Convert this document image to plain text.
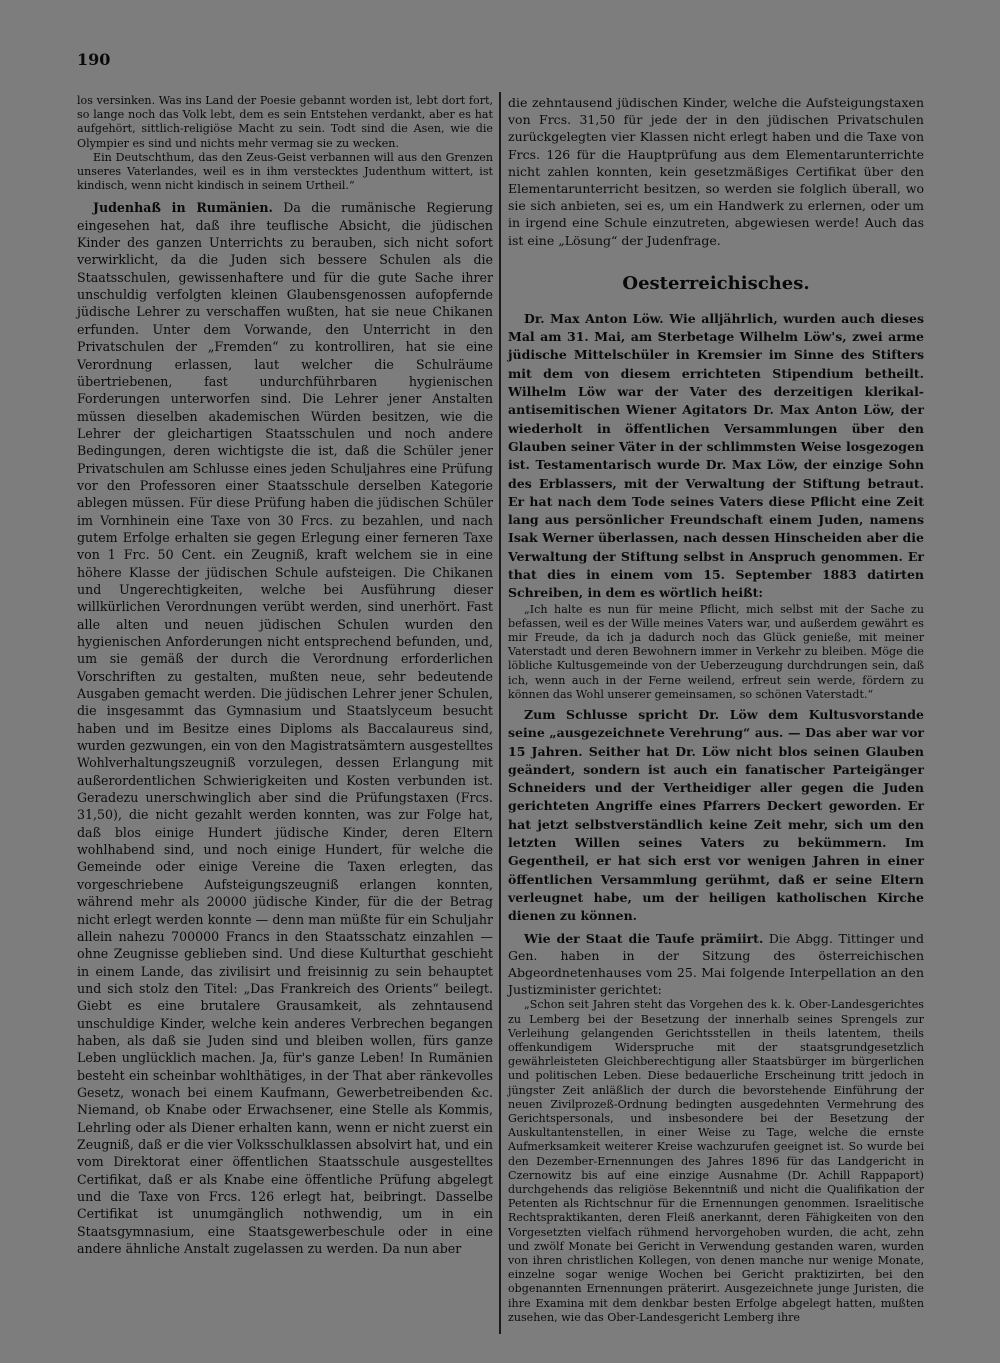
190

los versinken. Was ins Land der Poesie gebannt worden ist, lebt dort fort, so lange noch das Volk lebt, dem es sein Entstehen verdankt, aber es hat aufgehört, sittlich-religiöse Macht zu sein. Todt sind die Asen, wie die Olympier es sind und nichts mehr vermag sie zu wecken.

Ein Deutschthum, das den Zeus-Geist verbannen will aus den Grenzen unseres Vaterlandes, weil es in ihm verstecktes Judenthum wittert, ist kindisch, wenn nicht kindisch in seinem Urtheil.“

Judenhaß in Rumänien. Da die rumänische Regierung eingesehen hat, daß ihre teuflische Absicht, die jüdischen Kinder des ganzen Unterrichts zu berauben, sich nicht sofort verwirklicht, da die Juden sich bessere Schulen als die Staatsschulen, gewissenhaftere und für die gute Sache ihrer unschuldig verfolgten kleinen Glaubensgenossen aufopfernde jüdische Lehrer zu verschaffen wußten, hat sie neue Chikanen erfunden. Unter dem Vorwande, den Unterricht in den Privatschulen der „Fremden“ zu kontrolliren, hat sie eine Verordnung erlassen, laut welcher die Schulräume übertriebenen, fast undurchführbaren hygienischen Forderungen unterworfen sind. Die Lehrer jener Anstalten müssen dieselben akademischen Würden besitzen, wie die Lehrer der gleichartigen Staatsschulen und noch andere Bedingungen, deren wichtigste die ist, daß die Schüler jener Privatschulen am Schlusse eines jeden Schuljahres eine Prüfung vor den Professoren einer Staatsschule derselben Kategorie ablegen müssen. Für diese Prüfung haben die jüdischen Schüler im Vornhinein eine Taxe von 30 Frcs. zu bezahlen, und nach gutem Erfolge erhalten sie gegen Erlegung einer ferneren Taxe von 1 Frc. 50 Cent. ein Zeugniß, kraft welchem sie in eine höhere Klasse der jüdischen Schule aufsteigen. Die Chikanen und Ungerechtigkeiten, welche bei Ausführung dieser willkürlichen Verordnungen verübt werden, sind unerhört. Fast alle alten und neuen jüdischen Schulen wurden den hygienischen Anforderungen nicht entsprechend befunden, und, um sie gemäß der durch die Verordnung erforderlichen Vorschriften zu gestalten, mußten neue, sehr bedeutende Ausgaben gemacht werden. Die jüdischen Lehrer jener Schulen, die insgesammt das Gymnasium und Staatslyceum besucht haben und im Besitze eines Diploms als Baccalaureus sind, wurden gezwungen, ein von den Magistratsämtern ausgestelltes Wohlverhaltungszeugniß vorzulegen, dessen Erlangung mit außerordentlichen Schwierigkeiten und Kosten verbunden ist. Geradezu unerschwinglich aber sind die Prüfungstaxen (Frcs. 31,50), die nicht gezahlt werden konnten, was zur Folge hat, daß blos einige Hundert jüdische Kinder, deren Eltern wohlhabend sind, und noch einige Hundert, für welche die Gemeinde oder einige Vereine die Taxen erlegten, das vorgeschriebene Aufsteigungszeugniß erlangen konnten, während mehr als 20000 jüdische Kinder, für die der Betrag nicht erlegt werden konnte — denn man müßte für ein Schuljahr allein nahezu 700000 Francs in den Staatsschatz einzahlen — ohne Zeugnisse geblieben sind. Und diese Kulturthat geschieht in einem Lande, das zivilisirt und freisinnig zu sein behauptet und sich stolz den Titel: „Das Frankreich des Orients“ beilegt. Giebt es eine brutalere Grausamkeit, als zehntausend unschuldige Kinder, welche kein anderes Verbrechen begangen haben, als daß sie Juden sind und bleiben wollen, fürs ganze Leben unglücklich machen. Ja, für's ganze Leben! In Rumänien besteht ein scheinbar wohlthätiges, in der That aber ränkevolles Gesetz, wonach bei einem Kaufmann, Gewerbetreibenden &c. Niemand, ob Knabe oder Erwachsener, eine Stelle als Kommis, Lehrling oder als Diener erhalten kann, wenn er nicht zuerst ein Zeugniß, daß er die vier Volksschulklassen absolvirt hat, und ein vom Direktorat einer öffentlichen Staatsschule ausgestelltes Certifikat, daß er als Knabe eine öffentliche Prüfung abgelegt und die Taxe von Frcs. 126 erlegt hat, beibringt. Dasselbe Certifikat ist unumgänglich nothwendig, um in ein Staatsgymnasium, eine Staatsgewerbeschule oder in eine andere ähnliche Anstalt zugelassen zu werden. Da nun aber

die zehntausend jüdischen Kinder, welche die Aufsteigungstaxen von Frcs. 31,50 für jede der in den jüdischen Privatschulen zurückgelegten vier Klassen nicht erlegt haben und die Taxe von Frcs. 126 für die Hauptprüfung aus dem Elementarunterrichte nicht zahlen konnten, kein gesetzmäßiges Certifikat über den Elementarunterricht besitzen, so werden sie folglich überall, wo sie sich anbieten, sei es, um ein Handwerk zu erlernen, oder um in irgend eine Schule einzutreten, abgewiesen werde! Auch das ist eine „Lösung“ der Judenfrage.

Oesterreichisches.

Dr. Max Anton Löw. Wie alljährlich, wurden auch dieses Mal am 31. Mai, am Sterbetage Wilhelm Löw's, zwei arme jüdische Mittelschüler in Kremsier im Sinne des Stifters mit dem von diesem errichteten Stipendium betheilt. Wilhelm Löw war der Vater des derzeitigen klerikal-antisemitischen Wiener Agitators Dr. Max Anton Löw, der wiederholt in öffentlichen Versammlungen über den Glauben seiner Väter in der schlimmsten Weise losgezogen ist. Testamentarisch wurde Dr. Max Löw, der einzige Sohn des Erblassers, mit der Verwaltung der Stiftung betraut. Er hat nach dem Tode seines Vaters diese Pflicht eine Zeit lang aus persönlicher Freundschaft einem Juden, namens Isak Werner überlassen, nach dessen Hinscheiden aber die Verwaltung der Stiftung selbst in Anspruch genommen. Er that dies in einem vom 15. September 1883 datirten Schreiben, in dem es wörtlich heißt:

„Ich halte es nun für meine Pflicht, mich selbst mit der Sache zu befassen, weil es der Wille meines Vaters war, und außerdem gewährt es mir Freude, da ich ja dadurch noch das Glück genieße, mit meiner Vaterstadt und deren Bewohnern immer in Verkehr zu bleiben. Möge die löbliche Kultusgemeinde von der Ueberzeugung durchdrungen sein, daß ich, wenn auch in der Ferne weilend, erfreut sein werde, fördern zu können das Wohl unserer gemeinsamen, so schönen Vaterstadt.“

Zum Schlusse spricht Dr. Löw dem Kultusvorstande seine „ausgezeichnete Verehrung“ aus. — Das aber war vor 15 Jahren. Seither hat Dr. Löw nicht blos seinen Glauben geändert, sondern ist auch ein fanatischer Parteigänger Schneiders und der Vertheidiger aller gegen die Juden gerichteten Angriffe eines Pfarrers Deckert geworden. Er hat jetzt selbstverständlich keine Zeit mehr, sich um den letzten Willen seines Vaters zu bekümmern. Im Gegentheil, er hat sich erst vor wenigen Jahren in einer öffentlichen Versammlung gerühmt, daß er seine Eltern verleugnet habe, um der heiligen katholischen Kirche dienen zu können.

Wie der Staat die Taufe prämiirt. Die Abgg. Tittinger und Gen. haben in der Sitzung des österreichischen Abgeordnetenhauses vom 25. Mai folgende Interpellation an den Justizminister gerichtet:

„Schon seit Jahren steht das Vorgehen des k. k. Ober-Landesgerichtes zu Lemberg bei der Besetzung der innerhalb seines Sprengels zur Verleihung gelangenden Gerichtsstellen in theils latentem, theils offenkundigem Widerspruche mit der staatsgrundgesetzlich gewährleisteten Gleichberechtigung aller Staatsbürger im bürgerlichen und politischen Leben. Diese bedauerliche Erscheinung tritt jedoch in jüngster Zeit anläßlich der durch die bevorstehende Einführung der neuen Zivilprozeß-Ordnung bedingten ausgedehnten Vermehrung des Gerichtspersonals, und insbesondere bei der Besetzung der Auskultantenstellen, in einer Weise zu Tage, welche die ernste Aufmerksamkeit weiterer Kreise wachzurufen geeignet ist. So wurde bei den Dezember-Ernennungen des Jahres 1896 für das Landgericht in Czernowitz bis auf eine einzige Ausnahme (Dr. Achill Rappaport) durchgehends das religiöse Bekenntniß und nicht die Qualifikation der Petenten als Richtschnur für die Ernennungen genommen. Israelitische Rechtspraktikanten, deren Fleiß anerkannt, deren Fähigkeiten von den Vorgesetzten vielfach rühmend hervorgehoben wurden, die acht, zehn und zwölf Monate bei Gericht in Verwendung gestanden waren, wurden von ihren christlichen Kollegen, von denen manche nur wenige Monate, einzelne sogar wenige Wochen bei Gericht praktizirten, bei den obgenannten Ernennungen präterirt. Ausgezeichnete junge Juristen, die ihre Examina mit dem denkbar besten Erfolge abgelegt hatten, mußten zusehen, wie das Ober-Landesgericht Lemberg ihre
